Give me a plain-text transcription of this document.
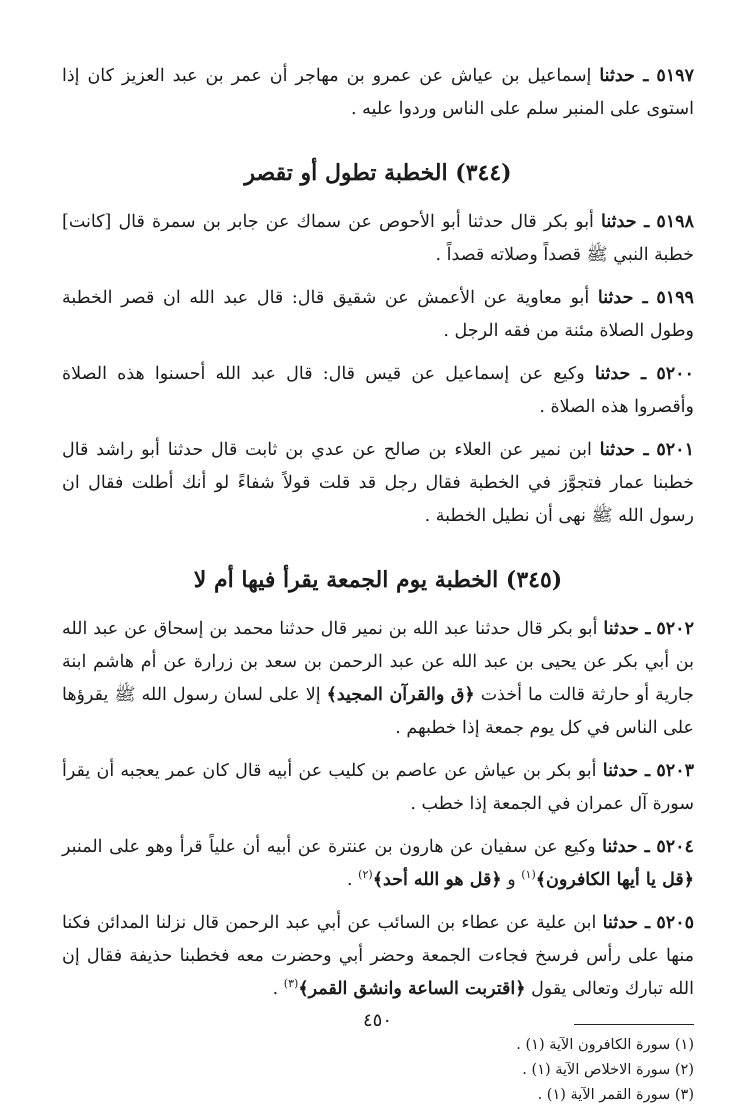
٥١٩٧ ـ حدثنا إسماعيل بن عياش عن عمرو بن مهاجر أن عمر بن عبد العزيز كان إذا استوى على المنبر سلم على الناس وردوا عليه .

(٣٤٤) الخطبة تطول أو تقصر

٥١٩٨ ـ حدثنا أبو بكر قال حدثنا أبو الأحوص عن سماك عن جابر بن سمرة قال [كانت] خطبة النبي ﷺ قصداً وصلاته قصداً .

٥١٩٩ ـ حدثنا أبو معاوية عن الأعمش عن شقيق قال: قال عبد الله ان قصر الخطبة وطول الصلاة مئنة من فقه الرجل .

٥٢٠٠ ـ حدثنا وكيع عن إسماعيل عن قيس قال: قال عبد الله أحسنوا هذه الصلاة وأقصروا هذه الصلاة .

٥٢٠١ ـ حدثنا ابن نمير عن العلاء بن صالح عن عدي بن ثابت قال حدثنا أبو راشد قال خطبنا عمار فتجوَّز في الخطبة فقال رجل قد قلت قولاً شفاءً لو أنك أطلت فقال ان رسول الله ﷺ نهى أن نطيل الخطبة .

(٣٤٥) الخطبة يوم الجمعة يقرأ فيها أم لا

٥٢٠٢ ـ حدثنا أبو بكر قال حدثنا عبد الله بن نمير قال حدثنا محمد بن إسحاق عن عبد الله بن أبي بكر عن يحيى بن عبد الله عن عبد الرحمن بن سعد بن زرارة عن أم هاشم ابنة جارية أو حارثة قالت ما أخذت ﴿ق والقرآن المجيد﴾ إلا على لسان رسول الله ﷺ يقرؤها على الناس في كل يوم جمعة إذا خطبهم .

٥٢٠٣ ـ حدثنا أبو بكر بن عياش عن عاصم بن كليب عن أبيه قال كان عمر يعجبه أن يقرأ سورة آل عمران في الجمعة إذا خطب .

٥٢٠٤ ـ حدثنا وكيع عن سفيان عن هارون بن عنترة عن أبيه أن علياً قرأ وهو على المنبر ﴿قل يا أيها الكافرون﴾$^{(١)}$ و ﴿قل هو الله أحد﴾$^{(٢)}$ .

٥٢٠٥ ـ حدثنا ابن علية عن عطاء بن السائب عن أبي عبد الرحمن قال نزلنا المدائن فكنا منها على رأس فرسخ فجاءت الجمعة وحضر أبي وحضرت معه فخطبنا حذيفة فقال إن الله تبارك وتعالى يقول ﴿اقتربت الساعة وانشق القمر﴾$^{(٣)}$ .

(١) سورة الكافرون الآية (١) .

(٢) سورة الاخلاص الآية (١) .

(٣) سورة القمر الآية (١) .

٤٥٠
